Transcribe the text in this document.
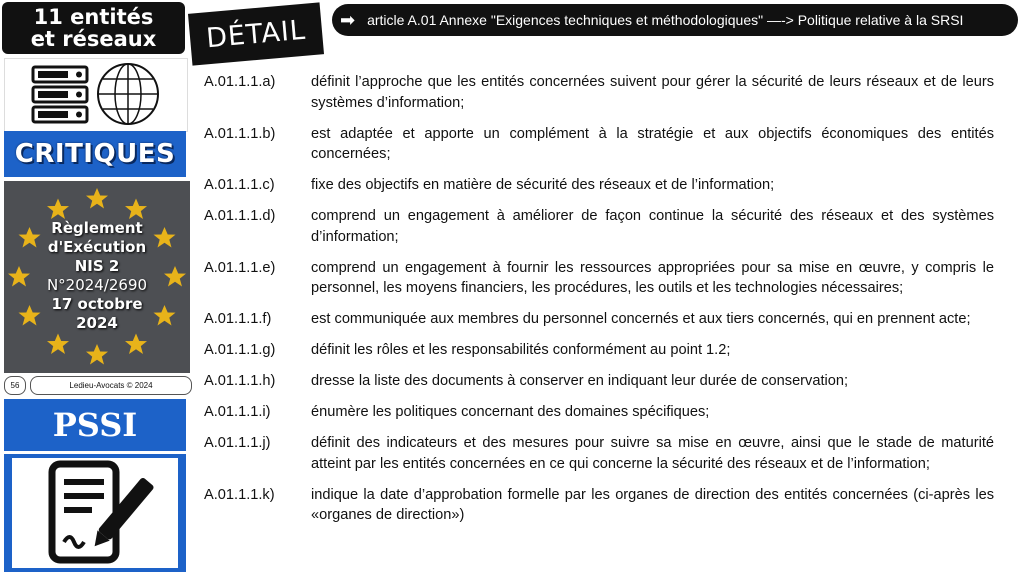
11 entités
et réseaux
CRITIQUES
Règlement
d'Exécution
NIS 2
N°2024/2690
17 octobre
2024
56	Ledieu-Avocats © 2024
PSSI
DÉTAIL ➡ article A.01 Annexe "Exigences techniques et méthodologiques" —-> Politique relative à la SRSI
A.01.1.1.a) définit l’approche que les entités concernées suivent pour gérer la sécurité de leurs réseaux et de leurs systèmes d’information;
A.01.1.1.b) est adaptée et apporte un complément à la stratégie et aux objectifs économiques des entités concernées;
A.01.1.1.c) fixe des objectifs en matière de sécurité des réseaux et de l’information;
A.01.1.1.d) comprend un engagement à améliorer de façon continue la sécurité des réseaux et des systèmes d’information;
A.01.1.1.e) comprend un engagement à fournir les ressources appropriées pour sa mise en œuvre, y compris le personnel, les moyens financiers, les procédures, les outils et les technologies nécessaires;
A.01.1.1.f)	est communiquée aux membres du personnel concernés et aux tiers concernés, qui en prennent acte;
A.01.1.1.g) définit les rôles et les responsabilités conformément au point 1.2;
A.01.1.1.h) dresse la liste des documents à conserver en indiquant leur durée de conservation;
A.01.1.1.i)	énumère les politiques concernant des domaines spécifiques;
A.01.1.1.j)	définit des indicateurs et des mesures pour suivre sa mise en œuvre, ainsi que le stade de maturité atteint par les entités concernées en ce qui concerne la sécurité des réseaux et de l’information;
A.01.1.1.k) indique la date d’approbation formelle par les organes de direction des entités concernées (ci-après les «organes de direction»)
